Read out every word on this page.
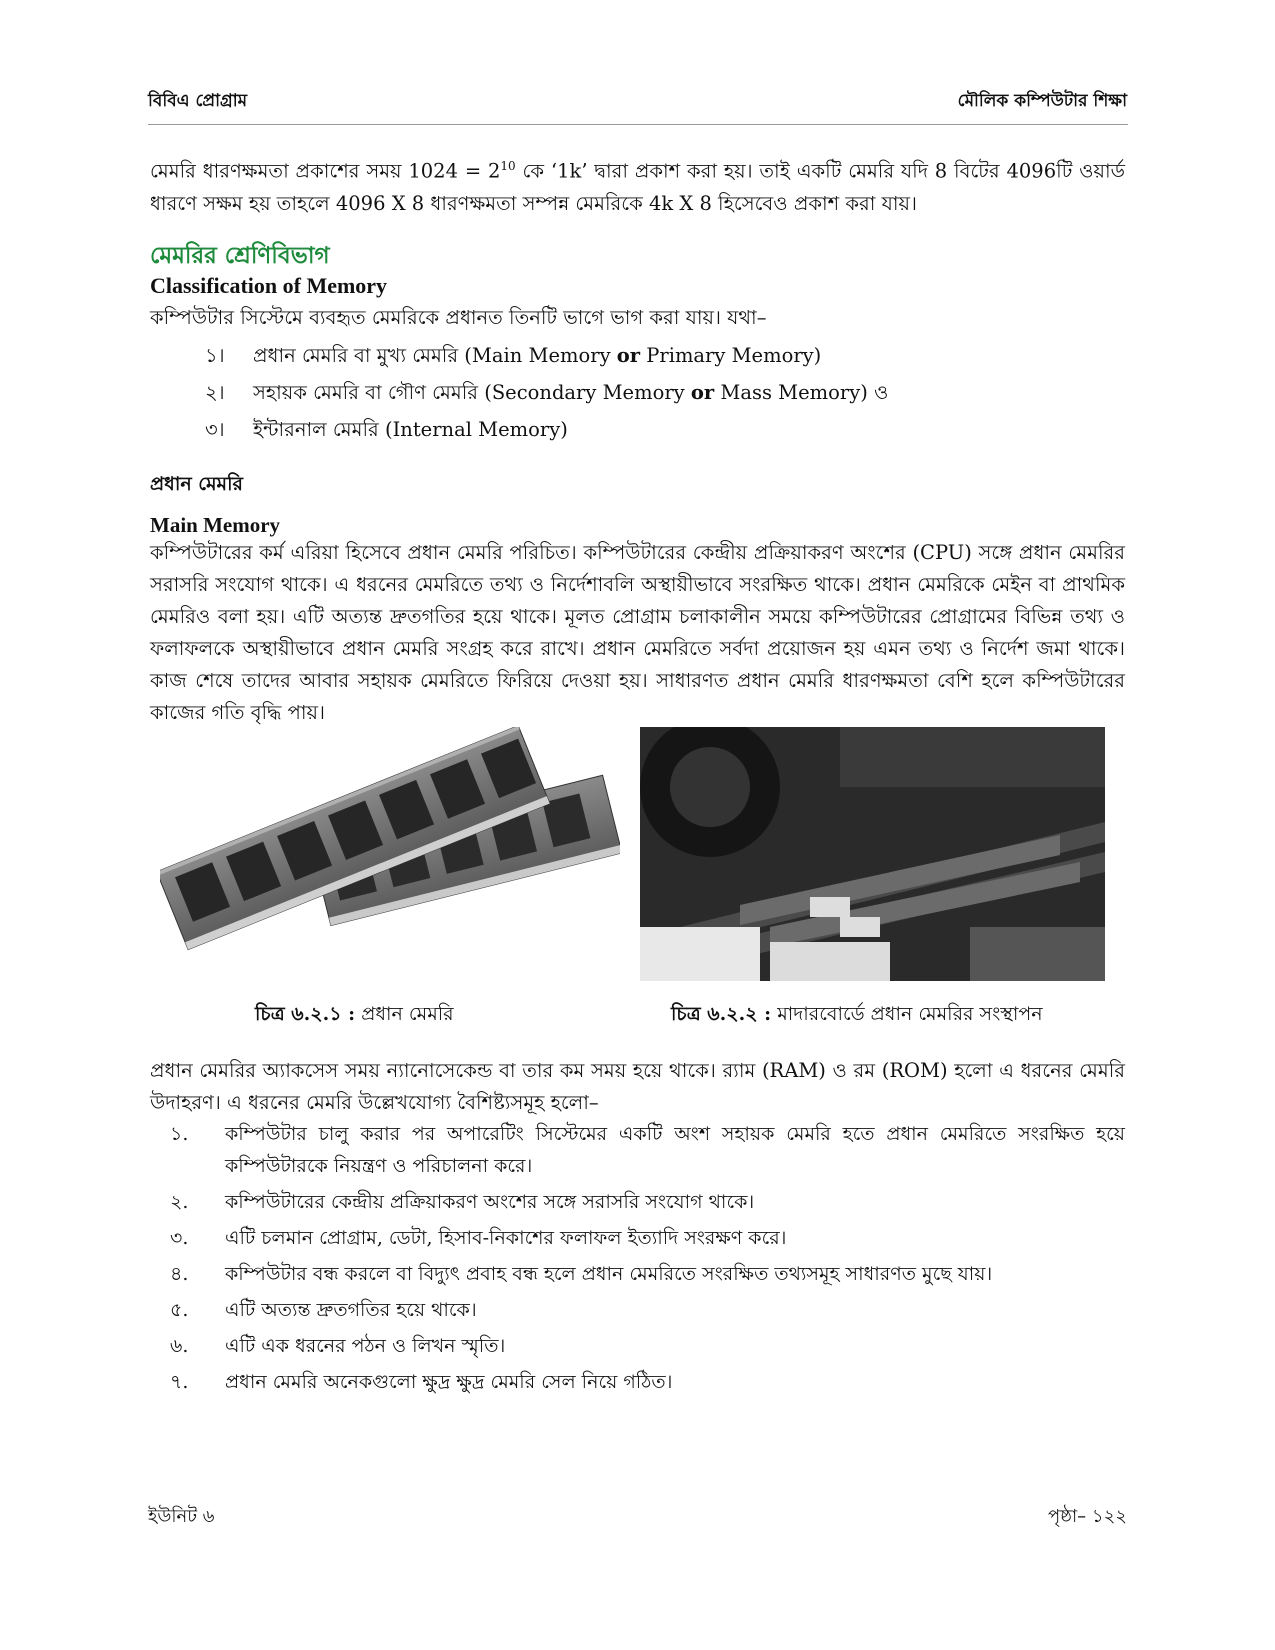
বিবিএ প্রোগ্রাম	মৌলিক কম্পিউটার শিক্ষা
মেমরি ধারণক্ষমতা প্রকাশের সময় $1024 = 2^{10}$ কে ‘1k’ দ্বারা প্রকাশ করা হয়। তাই একটি মেমরি যদি 8 বিটের 4096টি ওয়ার্ড ধারণে সক্ষম হয় তাহলে 4096 X 8 ধারণক্ষমতা সম্পন্ন মেমরিকে 4k X 8 হিসেবেও প্রকাশ করা যায়।
মেমরির শ্রেণিবিভাগ
Classification of Memory
কম্পিউটার সিস্টেমে ব্যবহৃত মেমরিকে প্রধানত তিনটি ভাগে ভাগ করা যায়। যথা–
১। প্রধান মেমরি বা মুখ্য মেমরি (Main Memory or Primary Memory)
২। সহায়ক মেমরি বা গৌণ মেমরি (Secondary Memory or Mass Memory) ও
৩। ইন্টারনাল মেমরি (Internal Memory)
প্রধান মেমরি
Main Memory
কম্পিউটারের কর্ম এরিয়া হিসেবে প্রধান মেমরি পরিচিত। কম্পিউটারের কেন্দ্রীয় প্রক্রিয়াকরণ অংশের (CPU) সঙ্গে প্রধান মেমরির সরাসরি সংযোগ থাকে। এ ধরনের মেমরিতে তথ্য ও নির্দেশাবলি অস্থায়ীভাবে সংরক্ষিত থাকে। প্রধান মেমরিকে মেইন বা প্রাথমিক মেমরিও বলা হয়। এটি অত্যন্ত দ্রুতগতির হয়ে থাকে। মূলত প্রোগ্রাম চলাকালীন সময়ে কম্পিউটারের প্রোগ্রামের বিভিন্ন তথ্য ও ফলাফলকে অস্থায়ীভাবে প্রধান মেমরি সংগ্রহ করে রাখে। প্রধান মেমরিতে সর্বদা প্রয়োজন হয় এমন তথ্য ও নির্দেশ জমা থাকে। কাজ শেষে তাদের আবার সহায়ক মেমরিতে ফিরিয়ে দেওয়া হয়। সাধারণত প্রধান মেমরি ধারণক্ষমতা বেশি হলে কম্পিউটারের কাজের গতি বৃদ্ধি পায়।
চিত্র ৬.২.১ : প্রধান মেমরি	চিত্র ৬.২.২ : মাদারবোর্ডে প্রধান মেমরির সংস্থাপন
প্রধান মেমরির অ্যাকসেস সময় ন্যানোসেকেন্ড বা তার কম সময় হয়ে থাকে। র‍্যাম (RAM) ও রম (ROM) হলো এ ধরনের মেমরি উদাহরণ। এ ধরনের মেমরি উল্লেখযোগ্য বৈশিষ্ট্যসমূহ হলো–
১.	কম্পিউটার চালু করার পর অপারেটিং সিস্টেমের একটি অংশ সহায়ক মেমরি হতে প্রধান মেমরিতে সংরক্ষিত হয়ে কম্পিউটারকে নিয়ন্ত্রণ ও পরিচালনা করে।
২.	কম্পিউটারের কেন্দ্রীয় প্রক্রিয়াকরণ অংশের সঙ্গে সরাসরি সংযোগ থাকে।
৩.	এটি চলমান প্রোগ্রাম, ডেটা, হিসাব-নিকাশের ফলাফল ইত্যাদি সংরক্ষণ করে।
৪.	কম্পিউটার বন্ধ করলে বা বিদ্যুৎ প্রবাহ বন্ধ হলে প্রধান মেমরিতে সংরক্ষিত তথ্যসমূহ সাধারণত মুছে যায়।
৫.	এটি অত্যন্ত দ্রুতগতির হয়ে থাকে।
৬.	এটি এক ধরনের পঠন ও লিখন স্মৃতি।
৭.	প্রধান মেমরি অনেকগুলো ক্ষুদ্র ক্ষুদ্র মেমরি সেল নিয়ে গঠিত।
ইউনিট ৬	পৃষ্ঠা– ১২২
